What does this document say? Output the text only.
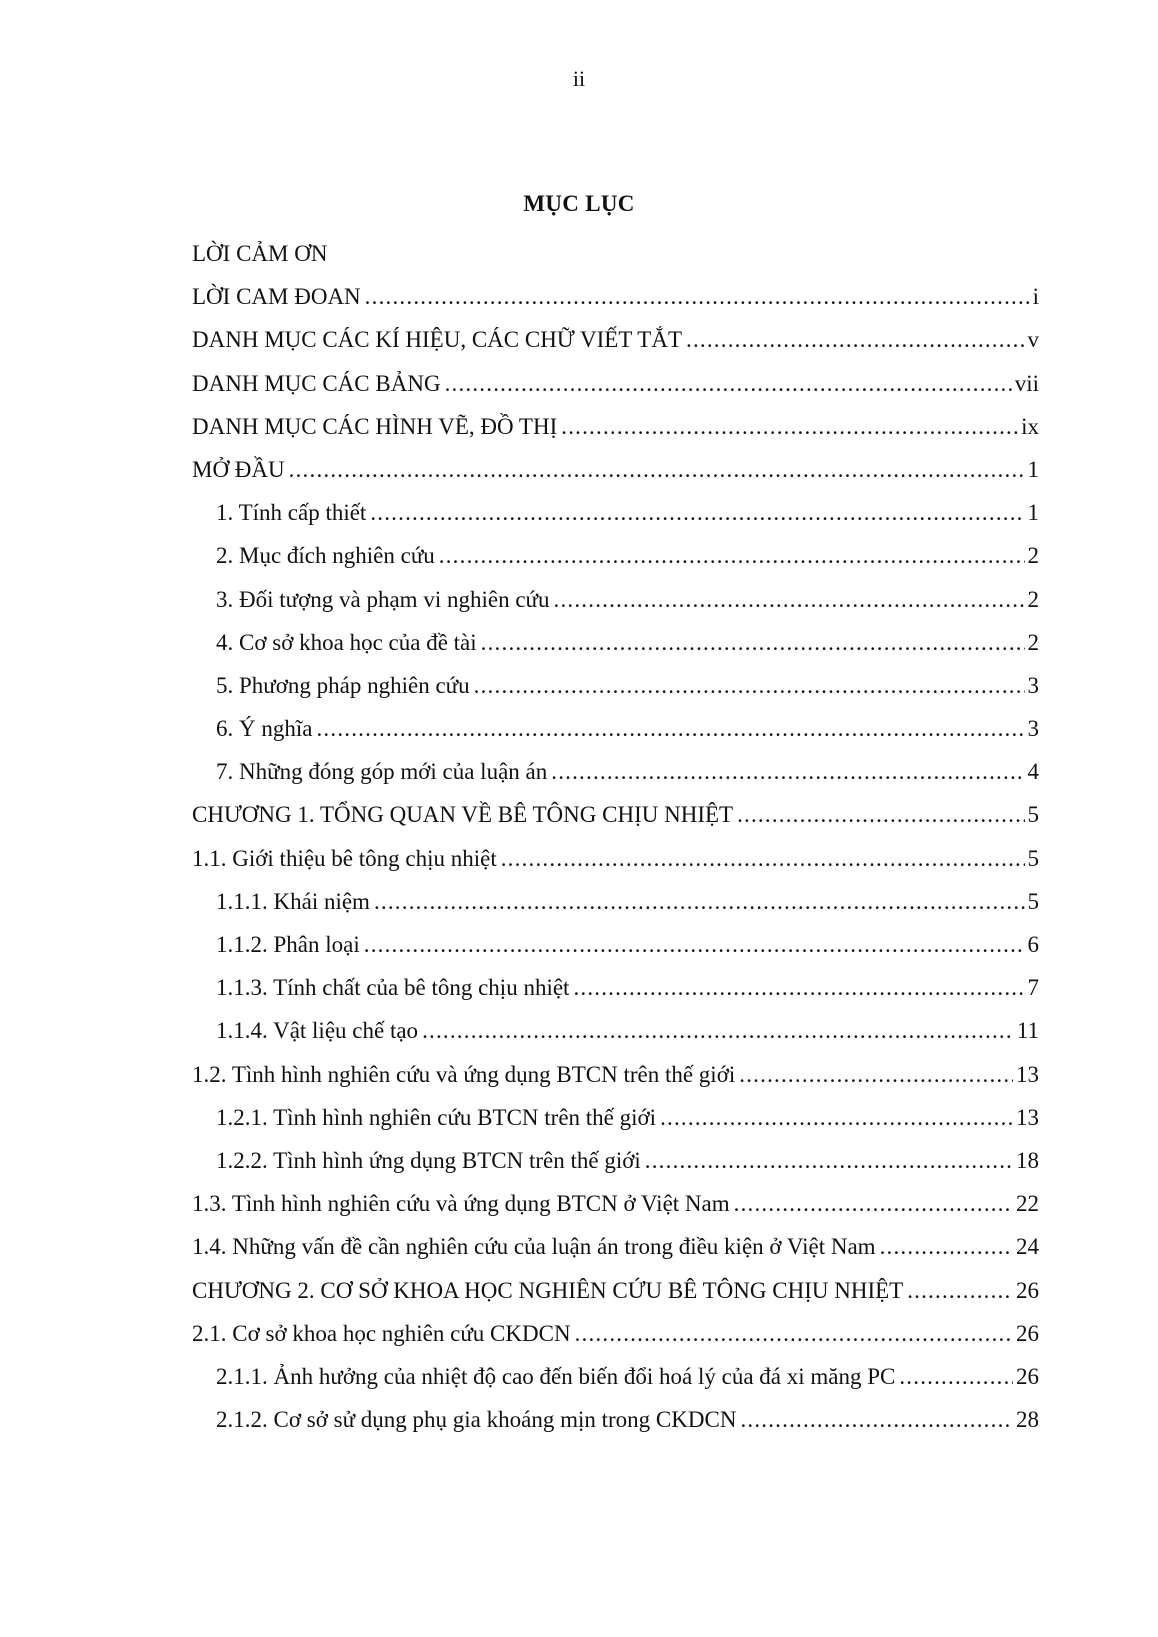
ii
MỤC LỤC
LỜI CẢM ƠN
LỜI CAM ĐOAN .....	i
DANH MỤC CÁC KÍ HIỆU, CÁC CHỮ VIẾT TẮT .....	v
DANH MỤC CÁC BẢNG .....	vii
DANH MỤC CÁC HÌNH VẼ, ĐỒ THỊ .....	ix
MỞ ĐẦU .....	1
1. Tính cấp thiết .....	1
2. Mục đích nghiên cứu .....	2
3. Đối tượng và phạm vi nghiên cứu .....	2
4. Cơ sở khoa học của đề tài .....	2
5. Phương pháp nghiên cứu .....	3
6. Ý nghĩa .....	3
7. Những đóng góp mới của luận án .....	4
CHƯƠNG 1. TỔNG QUAN VỀ BÊ TÔNG CHỊU NHIỆT .....	5
1.1. Giới thiệu bê tông chịu nhiệt .....	5
1.1.1. Khái niệm .....	5
1.1.2. Phân loại .....	6
1.1.3. Tính chất của bê tông chịu nhiệt .....	7
1.1.4. Vật liệu chế tạo .....	11
1.2. Tình hình nghiên cứu và ứng dụng BTCN trên thế giới .....	13
1.2.1. Tình hình nghiên cứu BTCN trên thế giới .....	13
1.2.2. Tình hình ứng dụng BTCN trên thế giới .....	18
1.3. Tình hình nghiên cứu và ứng dụng BTCN ở Việt Nam .....	22
1.4. Những vấn đề cần nghiên cứu của luận án trong điều kiện ở Việt Nam .....	24
CHƯƠNG 2. CƠ SỞ KHOA HỌC NGHIÊN CỨU BÊ TÔNG CHỊU NHIỆT .....	26
2.1. Cơ sở khoa học nghiên cứu CKDCN .....	26
2.1.1. Ảnh hưởng của nhiệt độ cao đến biến đổi hoá lý của đá xi măng PC .....	26
2.1.2. Cơ sở sử dụng phụ gia khoáng mịn trong CKDCN .....	28
